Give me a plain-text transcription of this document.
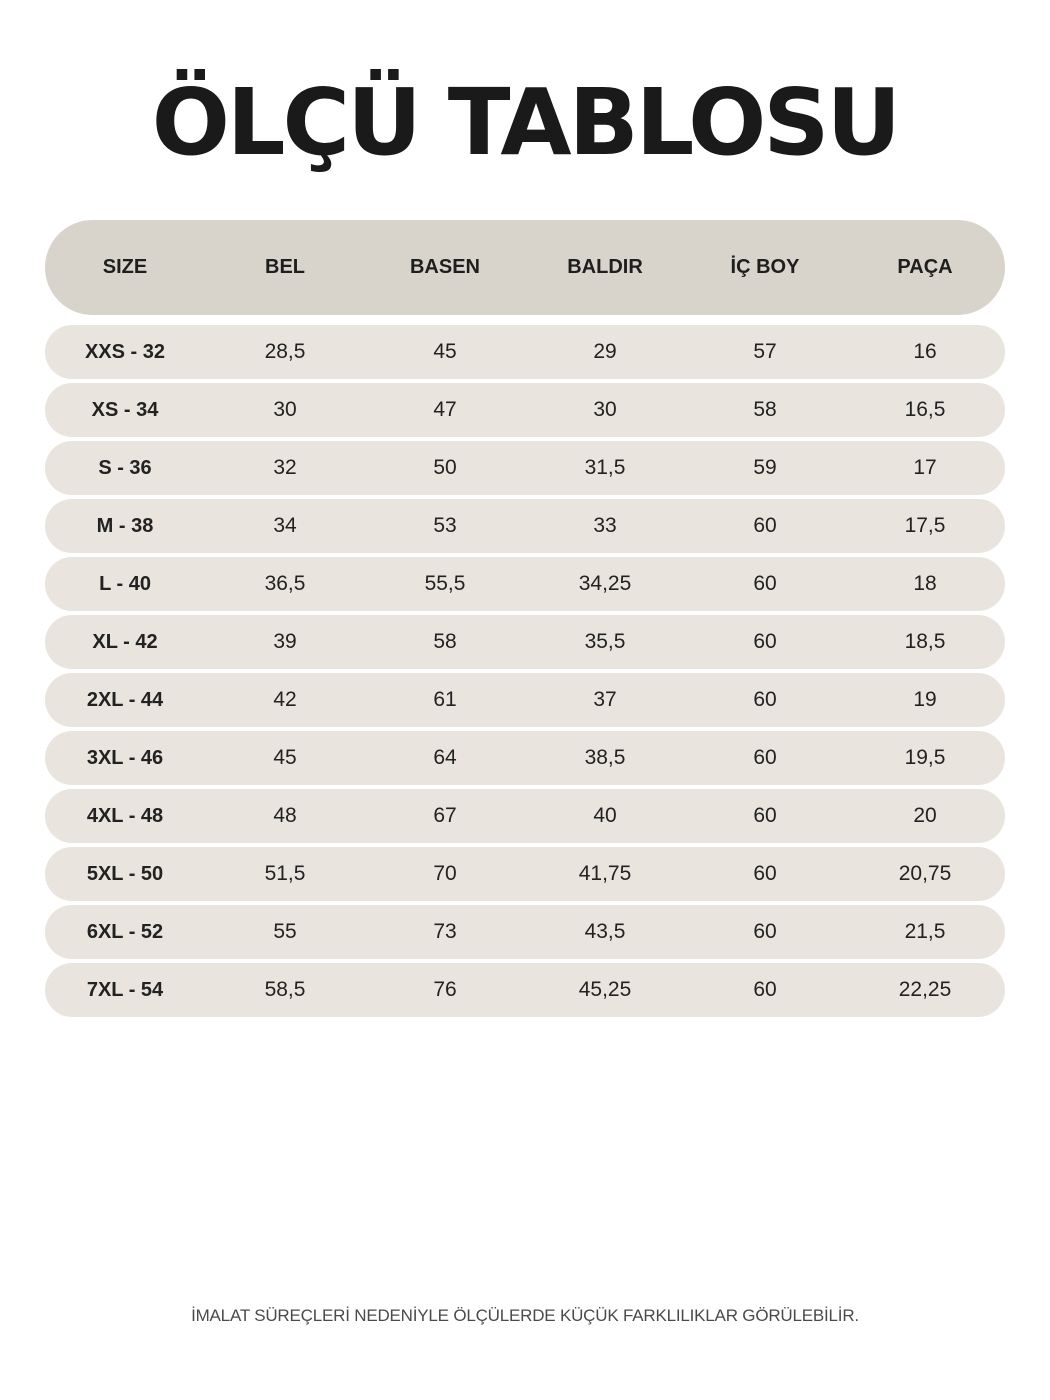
ÖLÇÜ TABLOSU
SIZE	BEL	BASEN	BALDIR	İÇ BOY	PAÇA
XXS - 32	28,5	45	29	57	16
XS - 34	30	47	30	58	16,5
S - 36	32	50	31,5	59	17
M - 38	34	53	33	60	17,5
L - 40	36,5	55,5	34,25	60	18
XL - 42	39	58	35,5	60	18,5
2XL - 44	42	61	37	60	19
3XL - 46	45	64	38,5	60	19,5
4XL - 48	48	67	40	60	20
5XL - 50	51,5	70	41,75	60	20,75
6XL - 52	55	73	43,5	60	21,5
7XL - 54	58,5	76	45,25	60	22,25
İMALAT SÜREÇLERİ NEDENİYLE ÖLÇÜLERDE KÜÇÜK FARKLILIKLAR GÖRÜLEBİLİR.
